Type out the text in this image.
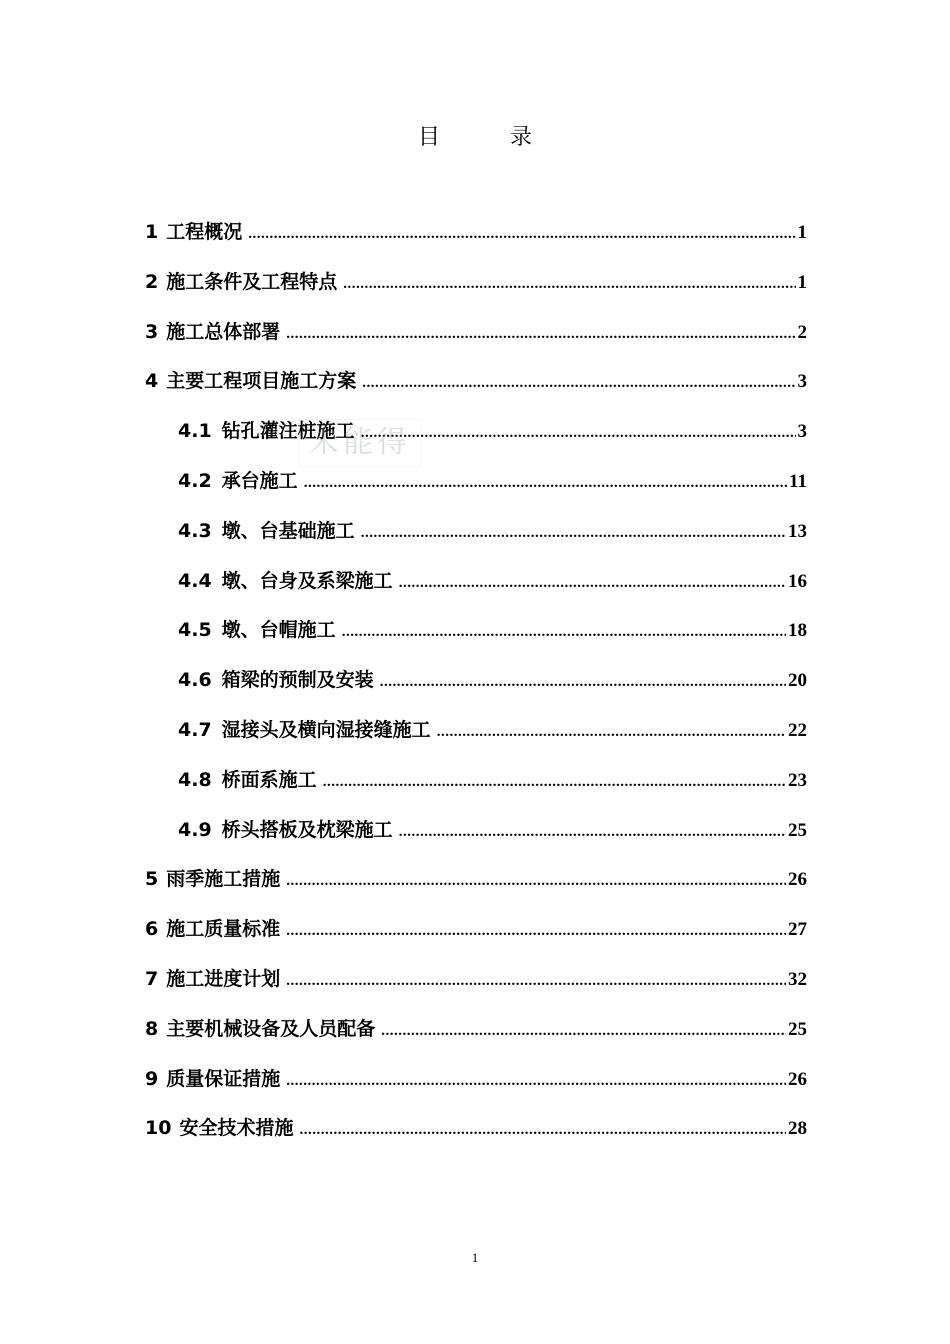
目	录
1 工程概况 .....	1
2 施工条件及工程特点 .....	1
3 施工总体部署 .....	2
4 主要工程项目施工方案 .....	3
4.1 钻孔灌注桩施工 .....	3
4.2 承台施工 .....	11
4.3 墩、台基础施工 .....	13
4.4 墩、台身及系梁施工 .....	16
4.5 墩、台帽施工 .....	18
4.6 箱梁的预制及安装 .....	20
4.7 湿接头及横向湿接缝施工 .....	22
4.8 桥面系施工 .....	23
4.9 桥头搭板及枕梁施工 .....	25
5 雨季施工措施 .....	26
6 施工质量标准 .....	27
7 施工进度计划 .....	32
8 主要机械设备及人员配备 .....	25
9 质量保证措施 .....	26
10 安全技术措施 .....	28
未能得
1
